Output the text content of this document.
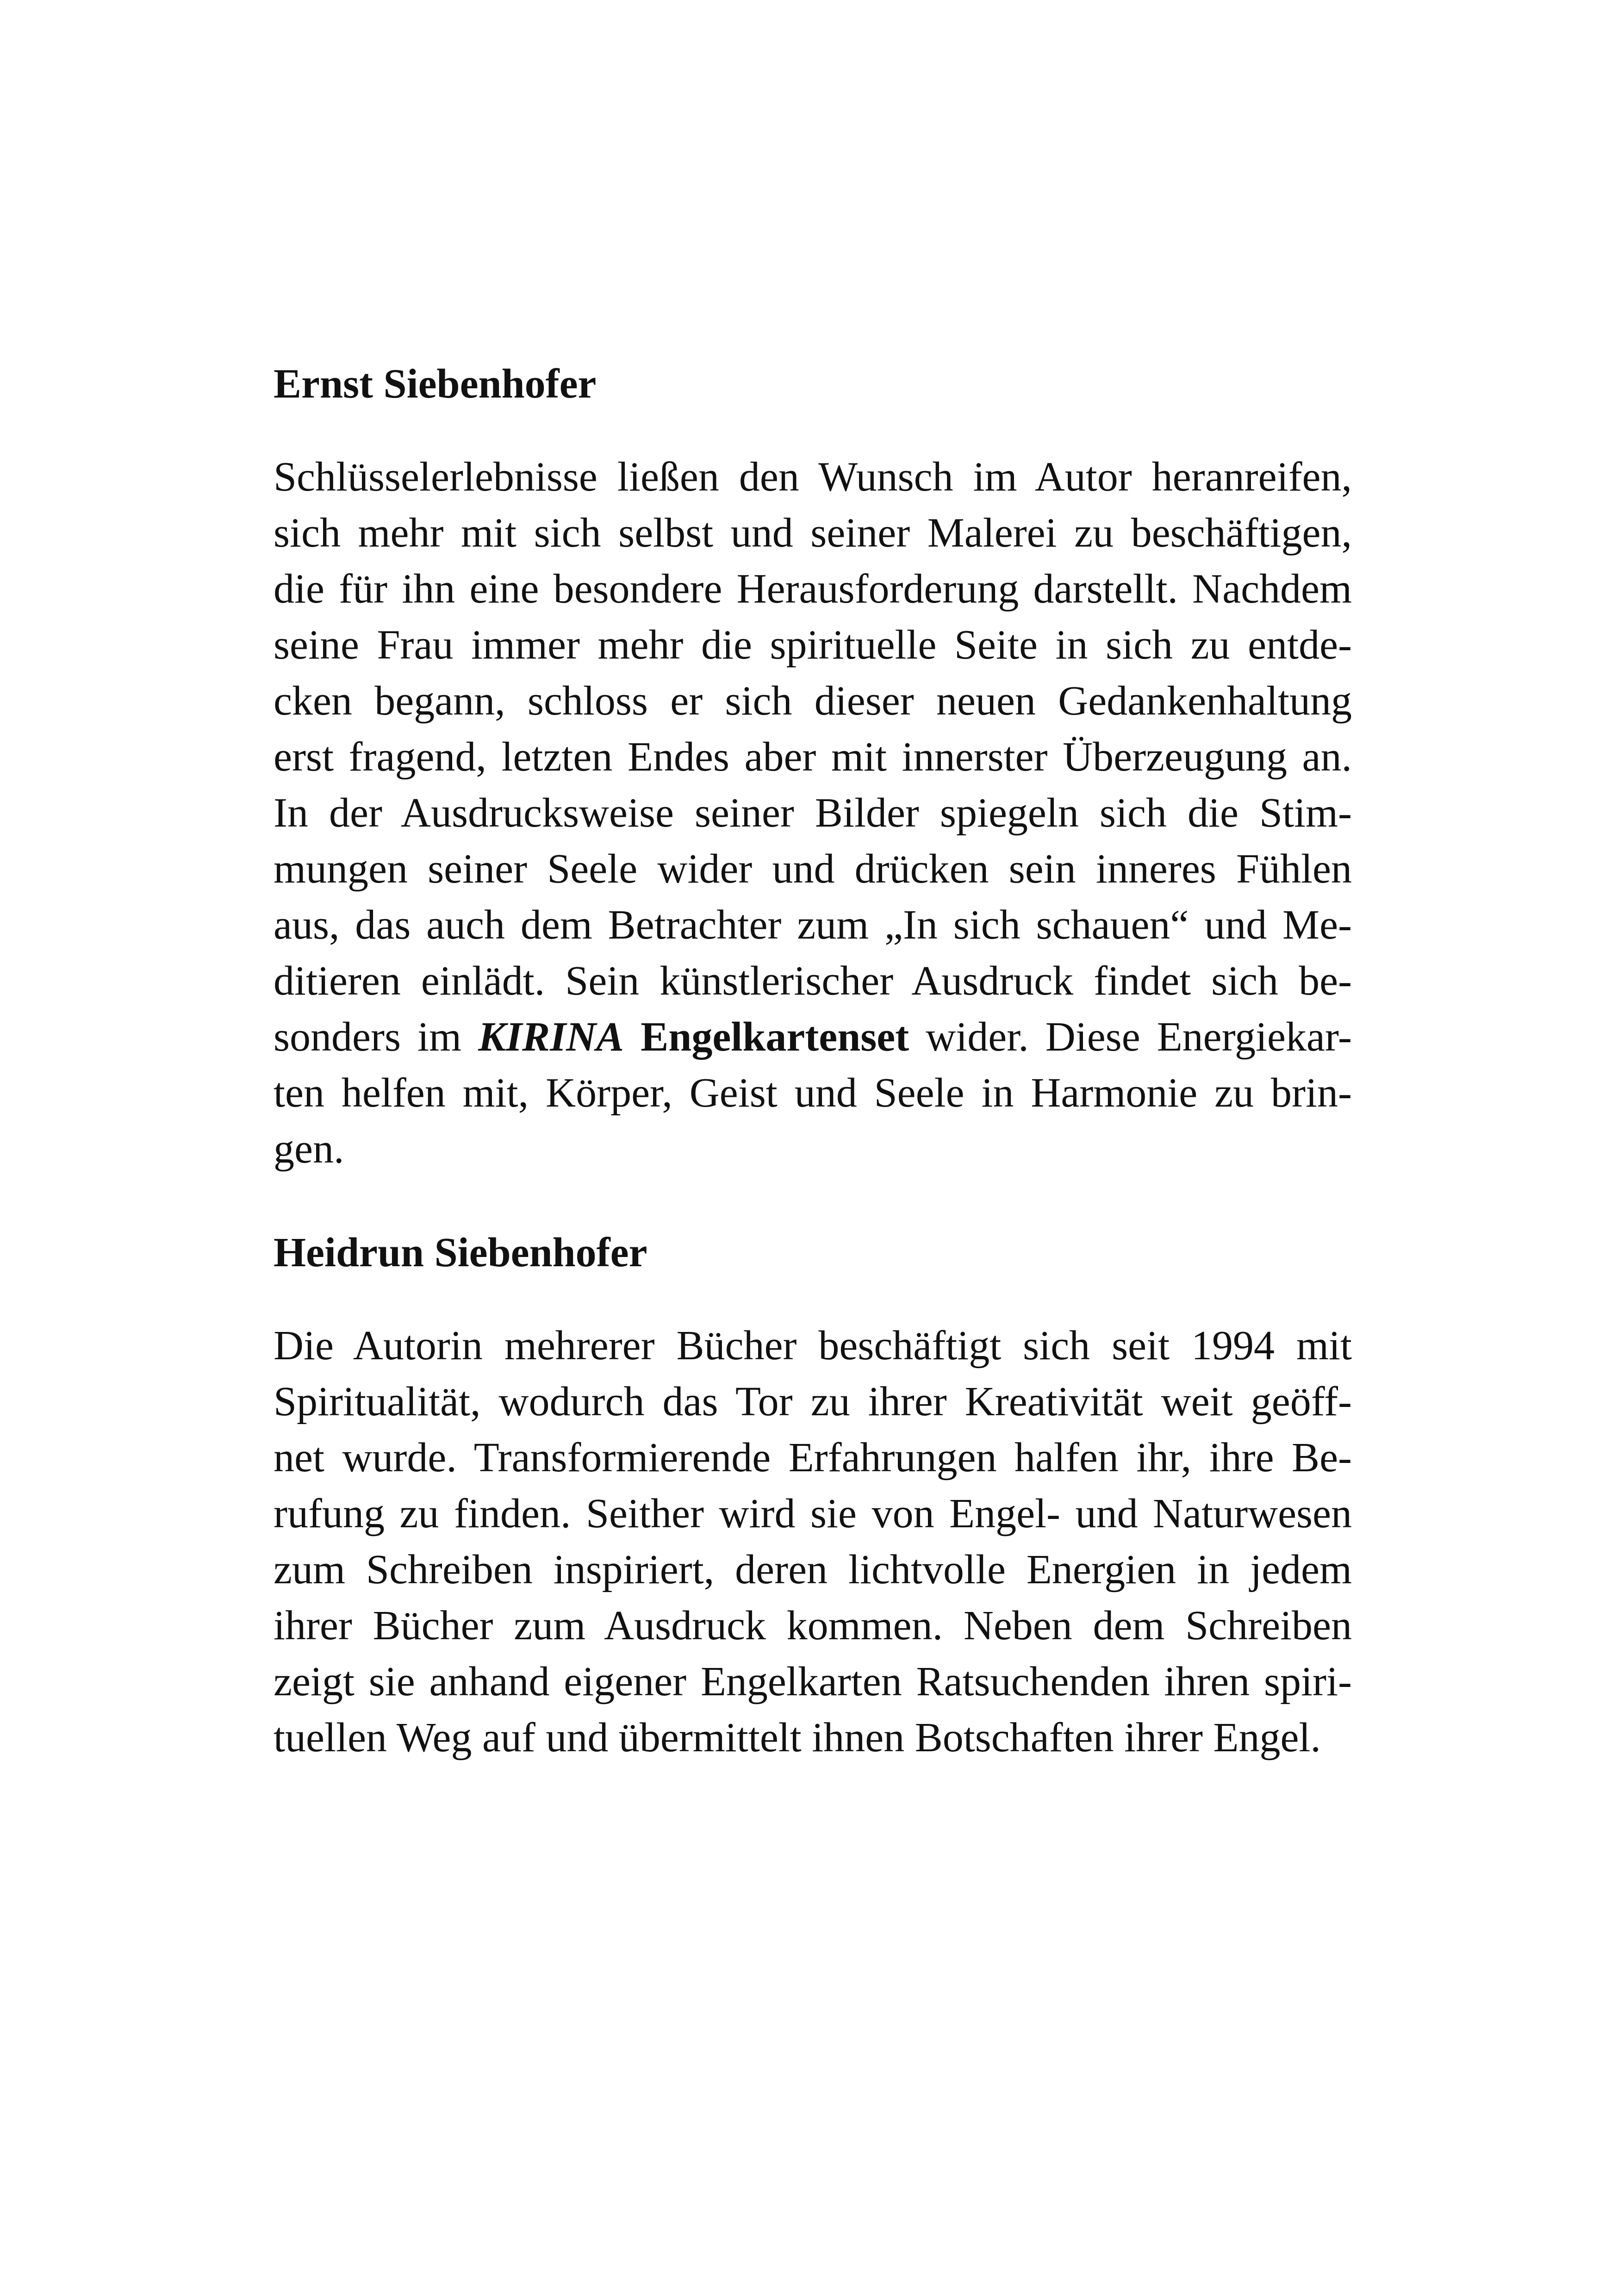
Ernst Siebenhofer

Schlüsselerlebnisse ließen den Wunsch im Autor heranreifen,
sich mehr mit sich selbst und seiner Malerei zu beschäftigen,
die für ihn eine besondere Herausforderung darstellt. Nachdem
seine Frau immer mehr die spirituelle Seite in sich zu entde-
cken begann, schloss er sich dieser neuen Gedankenhaltung
erst fragend, letzten Endes aber mit innerster Überzeugung an.
In der Ausdrucksweise seiner Bilder spiegeln sich die Stim-
mungen seiner Seele wider und drücken sein inneres Fühlen
aus, das auch dem Betrachter zum „In sich schauen“ und Me-
ditieren einlädt. Sein künstlerischer Ausdruck findet sich be-
sonders im KIRINA Engelkartenset wider. Diese Energiekar-
ten helfen mit, Körper, Geist und Seele in Harmonie zu brin-
gen.

Heidrun Siebenhofer

Die Autorin mehrerer Bücher beschäftigt sich seit 1994 mit
Spiritualität, wodurch das Tor zu ihrer Kreativität weit geöff-
net wurde. Transformierende Erfahrungen halfen ihr, ihre Be-
rufung zu finden. Seither wird sie von Engel- und Naturwesen
zum Schreiben inspiriert, deren lichtvolle Energien in jedem
ihrer Bücher zum Ausdruck kommen. Neben dem Schreiben
zeigt sie anhand eigener Engelkarten Ratsuchenden ihren spiri-
tuellen Weg auf und übermittelt ihnen Botschaften ihrer Engel.
